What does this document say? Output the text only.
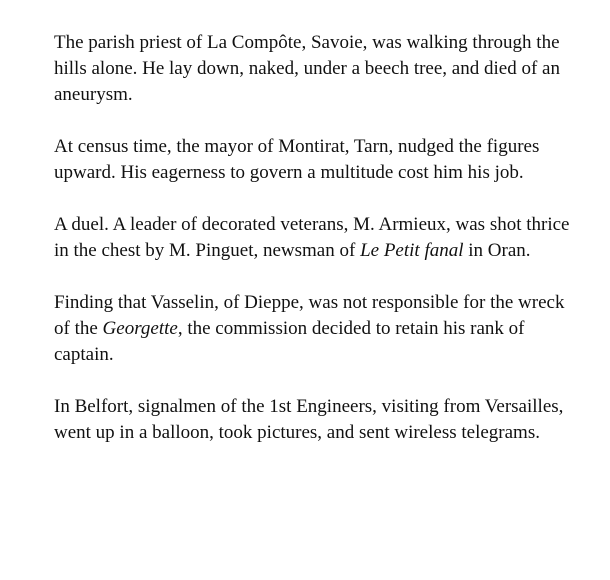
The parish priest of La Compôte, Savoie, was walking through the hills alone. He lay down, naked, under a beech tree, and died of an aneurysm.

At census time, the mayor of Montirat, Tarn, nudged the figures upward. His eagerness to govern a multitude cost him his job.

A duel. A leader of decorated veterans, M. Armieux, was shot thrice in the chest by M. Pinguet, newsman of Le Petit fanal in Oran.

Finding that Vasselin, of Dieppe, was not responsible for the wreck of the Georgette, the commission decided to retain his rank of captain.

In Belfort, signalmen of the 1st Engineers, visiting from Versailles, went up in a balloon, took pictures, and sent wireless telegrams.
